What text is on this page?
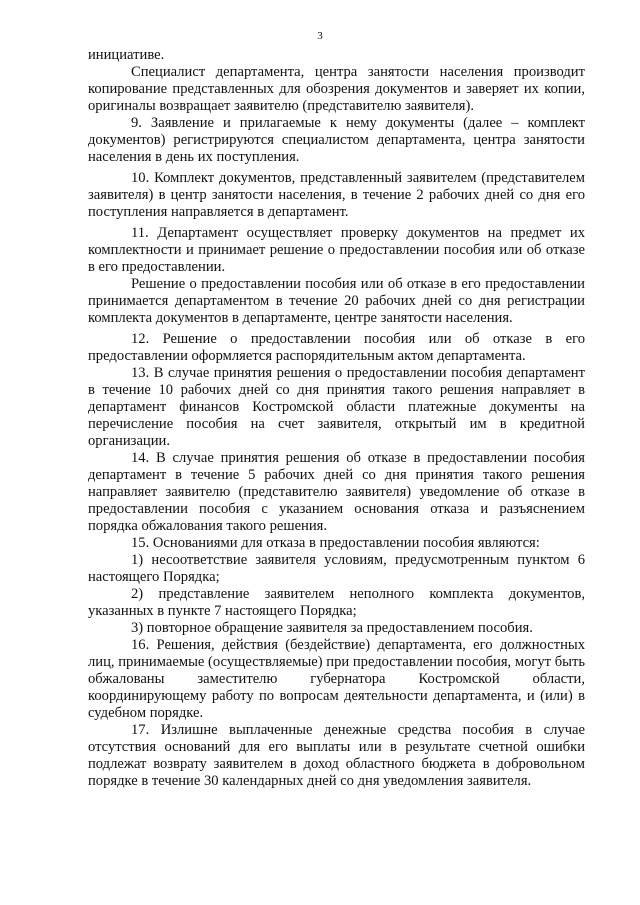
3

инициативе.

Специалист департамента, центра занятости населения производит копирование представленных для обозрения документов и заверяет их копии, оригиналы возвращает заявителю (представителю заявителя).

9. Заявление и прилагаемые к нему документы (далее – комплект документов) регистрируются специалистом департамента, центра занятости населения в день их поступления.

10. Комплект документов, представленный заявителем (представителем заявителя) в центр занятости населения, в течение 2 рабочих дней со дня его поступления направляется в департамент.

11. Департамент осуществляет проверку документов на предмет их комплектности и принимает решение о предоставлении пособия или об отказе в его предоставлении.

Решение о предоставлении пособия или об отказе в его предоставлении принимается департаментом в течение 20 рабочих дней со дня регистрации комплекта документов в департаменте, центре занятости населения.

12. Решение о предоставлении пособия или об отказе в его предоставлении оформляется распорядительным актом департамента.

13. В случае принятия решения о предоставлении пособия департамент в течение 10 рабочих дней со дня принятия такого решения направляет в департамент финансов Костромской области платежные документы на перечисление пособия на счет заявителя, открытый им в кредитной организации.

14. В случае принятия решения об отказе в предоставлении пособия департамент в течение 5 рабочих дней со дня принятия такого решения направляет заявителю (представителю заявителя) уведомление об отказе в предоставлении пособия с указанием основания отказа и разъяснением порядка обжалования такого решения.

15. Основаниями для отказа в предоставлении пособия являются:

1) несоответствие заявителя условиям, предусмотренным пунктом 6 настоящего Порядка;

2) представление заявителем неполного комплекта документов, указанных в пункте 7 настоящего Порядка;

3) повторное обращение заявителя за предоставлением пособия.

16. Решения, действия (бездействие) департамента, его должностных лиц, принимаемые (осуществляемые) при предоставлении пособия, могут быть обжалованы заместителю губернатора Костромской области, координирующему работу по вопросам деятельности департамента, и (или) в судебном порядке.

17. Излишне выплаченные денежные средства пособия в случае отсутствия оснований для его выплаты или в результате счетной ошибки подлежат возврату заявителем в доход областного бюджета в добровольном порядке в течение 30 календарных дней со дня уведомления заявителя.
